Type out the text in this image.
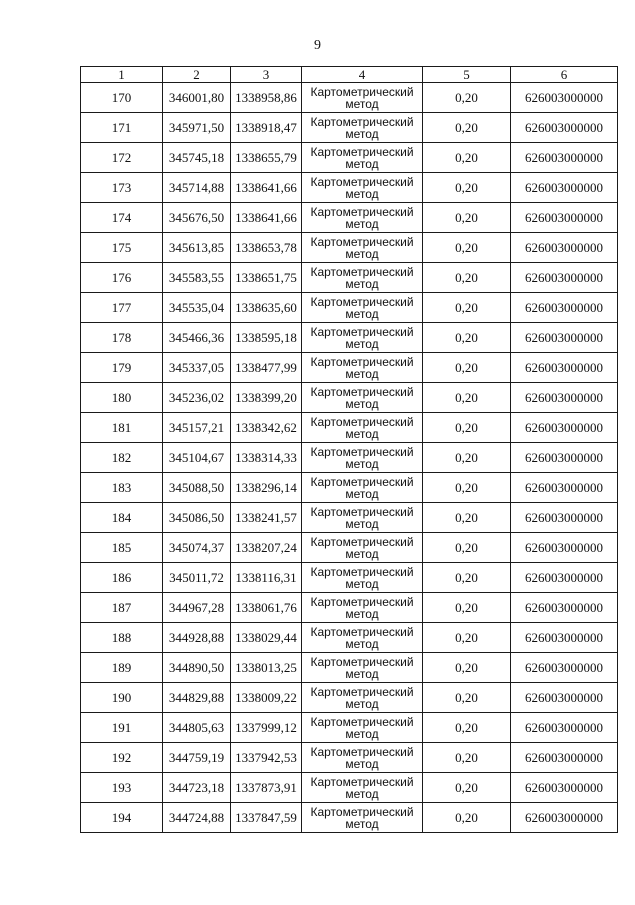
9
1	2	3	4	5	6
170	346001,80	1338958,86	Картометрический
метод	0,20	626003000000
171	345971,50	1338918,47	Картометрический
метод	0,20	626003000000
172	345745,18	1338655,79	Картометрический
метод	0,20	626003000000
173	345714,88	1338641,66	Картометрический
метод	0,20	626003000000
174	345676,50	1338641,66	Картометрический
метод	0,20	626003000000
175	345613,85	1338653,78	Картометрический
метод	0,20	626003000000
176	345583,55	1338651,75	Картометрический
метод	0,20	626003000000
177	345535,04	1338635,60	Картометрический
метод	0,20	626003000000
178	345466,36	1338595,18	Картометрический
метод	0,20	626003000000
179	345337,05	1338477,99	Картометрический
метод	0,20	626003000000
180	345236,02	1338399,20	Картометрический
метод	0,20	626003000000
181	345157,21	1338342,62	Картометрический
метод	0,20	626003000000
182	345104,67	1338314,33	Картометрический
метод	0,20	626003000000
183	345088,50	1338296,14	Картометрический
метод	0,20	626003000000
184	345086,50	1338241,57	Картометрический
метод	0,20	626003000000
185	345074,37	1338207,24	Картометрический
метод	0,20	626003000000
186	345011,72	1338116,31	Картометрический
метод	0,20	626003000000
187	344967,28	1338061,76	Картометрический
метод	0,20	626003000000
188	344928,88	1338029,44	Картометрический
метод	0,20	626003000000
189	344890,50	1338013,25	Картометрический
метод	0,20	626003000000
190	344829,88	1338009,22	Картометрический
метод	0,20	626003000000
191	344805,63	1337999,12	Картометрический
метод	0,20	626003000000
192	344759,19	1337942,53	Картометрический
метод	0,20	626003000000
193	344723,18	1337873,91	Картометрический
метод	0,20	626003000000
194	344724,88	1337847,59	Картометрический
метод	0,20	626003000000
